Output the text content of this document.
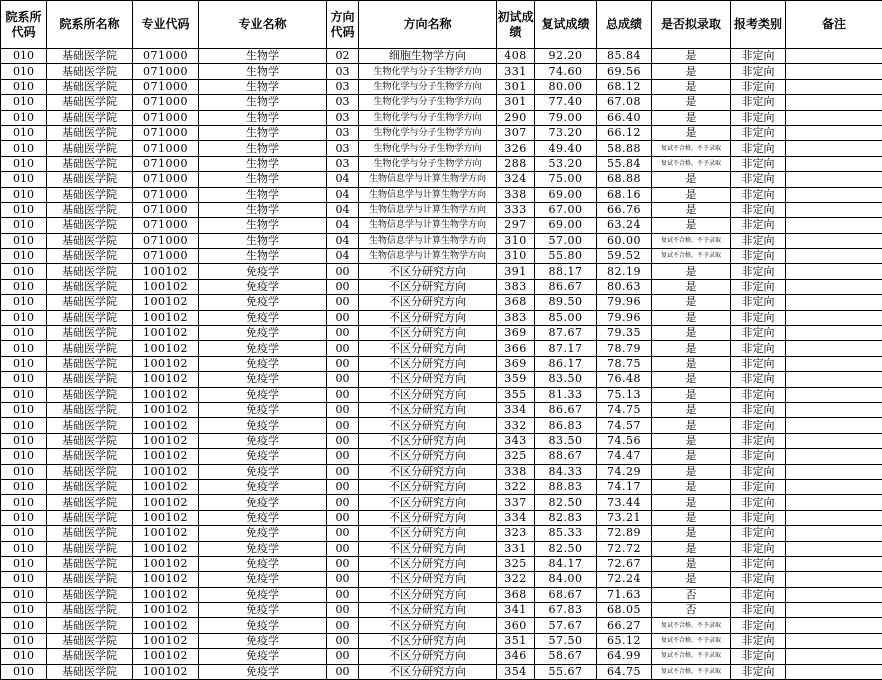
院系所代码	院系所名称	专业代码	专业名称	方向代码	方向名称	初试成绩	复试成绩	总成绩	是否拟录取	报考类别	备注
010	基础医学院	071000	生物学	02	细胞生物学方向	408	92.20	85.84	是	非定向	
010	基础医学院	071000	生物学	03	生物化学与分子生物学方向	331	74.60	69.56	是	非定向	
010	基础医学院	071000	生物学	03	生物化学与分子生物学方向	301	80.00	68.12	是	非定向	
010	基础医学院	071000	生物学	03	生物化学与分子生物学方向	301	77.40	67.08	是	非定向	
010	基础医学院	071000	生物学	03	生物化学与分子生物学方向	290	79.00	66.40	是	非定向	
010	基础医学院	071000	生物学	03	生物化学与分子生物学方向	307	73.20	66.12	是	非定向	
010	基础医学院	071000	生物学	03	生物化学与分子生物学方向	326	49.40	58.88	复试不合格，不予录取	非定向	
010	基础医学院	071000	生物学	03	生物化学与分子生物学方向	288	53.20	55.84	复试不合格，不予录取	非定向	
010	基础医学院	071000	生物学	04	生物信息学与计算生物学方向	324	75.00	68.88	是	非定向	
010	基础医学院	071000	生物学	04	生物信息学与计算生物学方向	338	69.00	68.16	是	非定向	
010	基础医学院	071000	生物学	04	生物信息学与计算生物学方向	333	67.00	66.76	是	非定向	
010	基础医学院	071000	生物学	04	生物信息学与计算生物学方向	297	69.00	63.24	是	非定向	
010	基础医学院	071000	生物学	04	生物信息学与计算生物学方向	310	57.00	60.00	复试不合格，不予录取	非定向	
010	基础医学院	071000	生物学	04	生物信息学与计算生物学方向	310	55.80	59.52	复试不合格，不予录取	非定向	
010	基础医学院	100102	免疫学	00	不区分研究方向	391	88.17	82.19	是	非定向	
010	基础医学院	100102	免疫学	00	不区分研究方向	383	86.67	80.63	是	非定向	
010	基础医学院	100102	免疫学	00	不区分研究方向	368	89.50	79.96	是	非定向	
010	基础医学院	100102	免疫学	00	不区分研究方向	383	85.00	79.96	是	非定向	
010	基础医学院	100102	免疫学	00	不区分研究方向	369	87.67	79.35	是	非定向	
010	基础医学院	100102	免疫学	00	不区分研究方向	366	87.17	78.79	是	非定向	
010	基础医学院	100102	免疫学	00	不区分研究方向	369	86.17	78.75	是	非定向	
010	基础医学院	100102	免疫学	00	不区分研究方向	359	83.50	76.48	是	非定向	
010	基础医学院	100102	免疫学	00	不区分研究方向	355	81.33	75.13	是	非定向	
010	基础医学院	100102	免疫学	00	不区分研究方向	334	86.67	74.75	是	非定向	
010	基础医学院	100102	免疫学	00	不区分研究方向	332	86.83	74.57	是	非定向	
010	基础医学院	100102	免疫学	00	不区分研究方向	343	83.50	74.56	是	非定向	
010	基础医学院	100102	免疫学	00	不区分研究方向	325	88.67	74.47	是	非定向	
010	基础医学院	100102	免疫学	00	不区分研究方向	338	84.33	74.29	是	非定向	
010	基础医学院	100102	免疫学	00	不区分研究方向	322	88.83	74.17	是	非定向	
010	基础医学院	100102	免疫学	00	不区分研究方向	337	82.50	73.44	是	非定向	
010	基础医学院	100102	免疫学	00	不区分研究方向	334	82.83	73.21	是	非定向	
010	基础医学院	100102	免疫学	00	不区分研究方向	323	85.33	72.89	是	非定向	
010	基础医学院	100102	免疫学	00	不区分研究方向	331	82.50	72.72	是	非定向	
010	基础医学院	100102	免疫学	00	不区分研究方向	325	84.17	72.67	是	非定向	
010	基础医学院	100102	免疫学	00	不区分研究方向	322	84.00	72.24	是	非定向	
010	基础医学院	100102	免疫学	00	不区分研究方向	368	68.67	71.63	否	非定向	
010	基础医学院	100102	免疫学	00	不区分研究方向	341	67.83	68.05	否	非定向	
010	基础医学院	100102	免疫学	00	不区分研究方向	360	57.67	66.27	复试不合格，不予录取	非定向	
010	基础医学院	100102	免疫学	00	不区分研究方向	351	57.50	65.12	复试不合格，不予录取	非定向	
010	基础医学院	100102	免疫学	00	不区分研究方向	346	58.67	64.99	复试不合格，不予录取	非定向	
010	基础医学院	100102	免疫学	00	不区分研究方向	354	55.67	64.75	复试不合格，不予录取	非定向	
